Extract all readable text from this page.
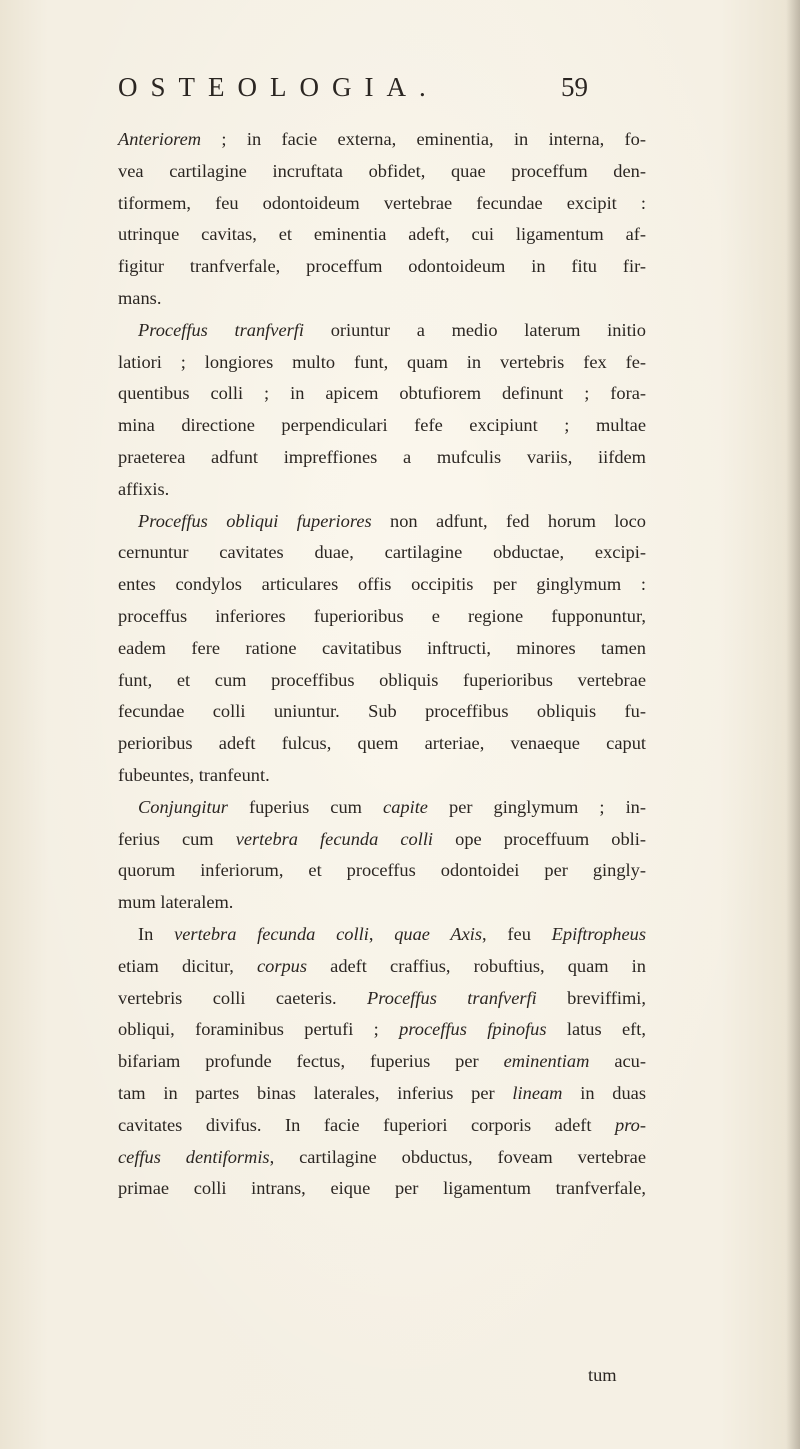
OSTEOLOGIA.	59
Anteriorem ; in facie externa, eminentia, in interna, fo-
vea cartilagine incruftata obfidet, quae proceffum den-
tiformem, feu odontoideum vertebrae fecundae excipit :
utrinque cavitas, et eminentia adeft, cui ligamentum af-
figitur tranfverfale, proceffum odontoideum in fitu fir-
mans.
Proceffus tranfverfi oriuntur a medio laterum initio
latiori ; longiores multo funt, quam in vertebris fex fe-
quentibus colli ; in apicem obtufiorem definunt ; fora-
mina directione perpendiculari fefe excipiunt ; multae
praeterea adfunt impreffiones a mufculis variis, iifdem
affixis.
Proceffus obliqui fuperiores non adfunt, fed horum loco
cernuntur cavitates duae, cartilagine obductae, excipi-
entes condylos articulares offis occipitis per ginglymum :
proceffus inferiores fuperioribus e regione fupponuntur,
eadem fere ratione cavitatibus inftructi, minores tamen
funt, et cum proceffibus obliquis fuperioribus vertebrae
fecundae colli uniuntur. Sub proceffibus obliquis fu-
perioribus adeft fulcus, quem arteriae, venaeque caput
fubeuntes, tranfeunt.
Conjungitur fuperius cum capite per ginglymum ; in-
ferius cum vertebra fecunda colli ope proceffuum obli-
quorum inferiorum, et proceffus odontoidei per gingly-
mum lateralem.
In vertebra fecunda colli, quae Axis, feu Epiftropheus
etiam dicitur, corpus adeft craffius, robuftius, quam in
vertebris colli caeteris. Proceffus tranfverfi breviffimi,
obliqui, foraminibus pertufi ; proceffus fpinofus latus eft,
bifariam profunde fectus, fuperius per eminentiam acu-
tam in partes binas laterales, inferius per lineam in duas
cavitates divifus. In facie fuperiori corporis adeft pro-
ceffus dentiformis, cartilagine obductus, foveam vertebrae
primae colli intrans, eique per ligamentum tranfverfale,
tum
